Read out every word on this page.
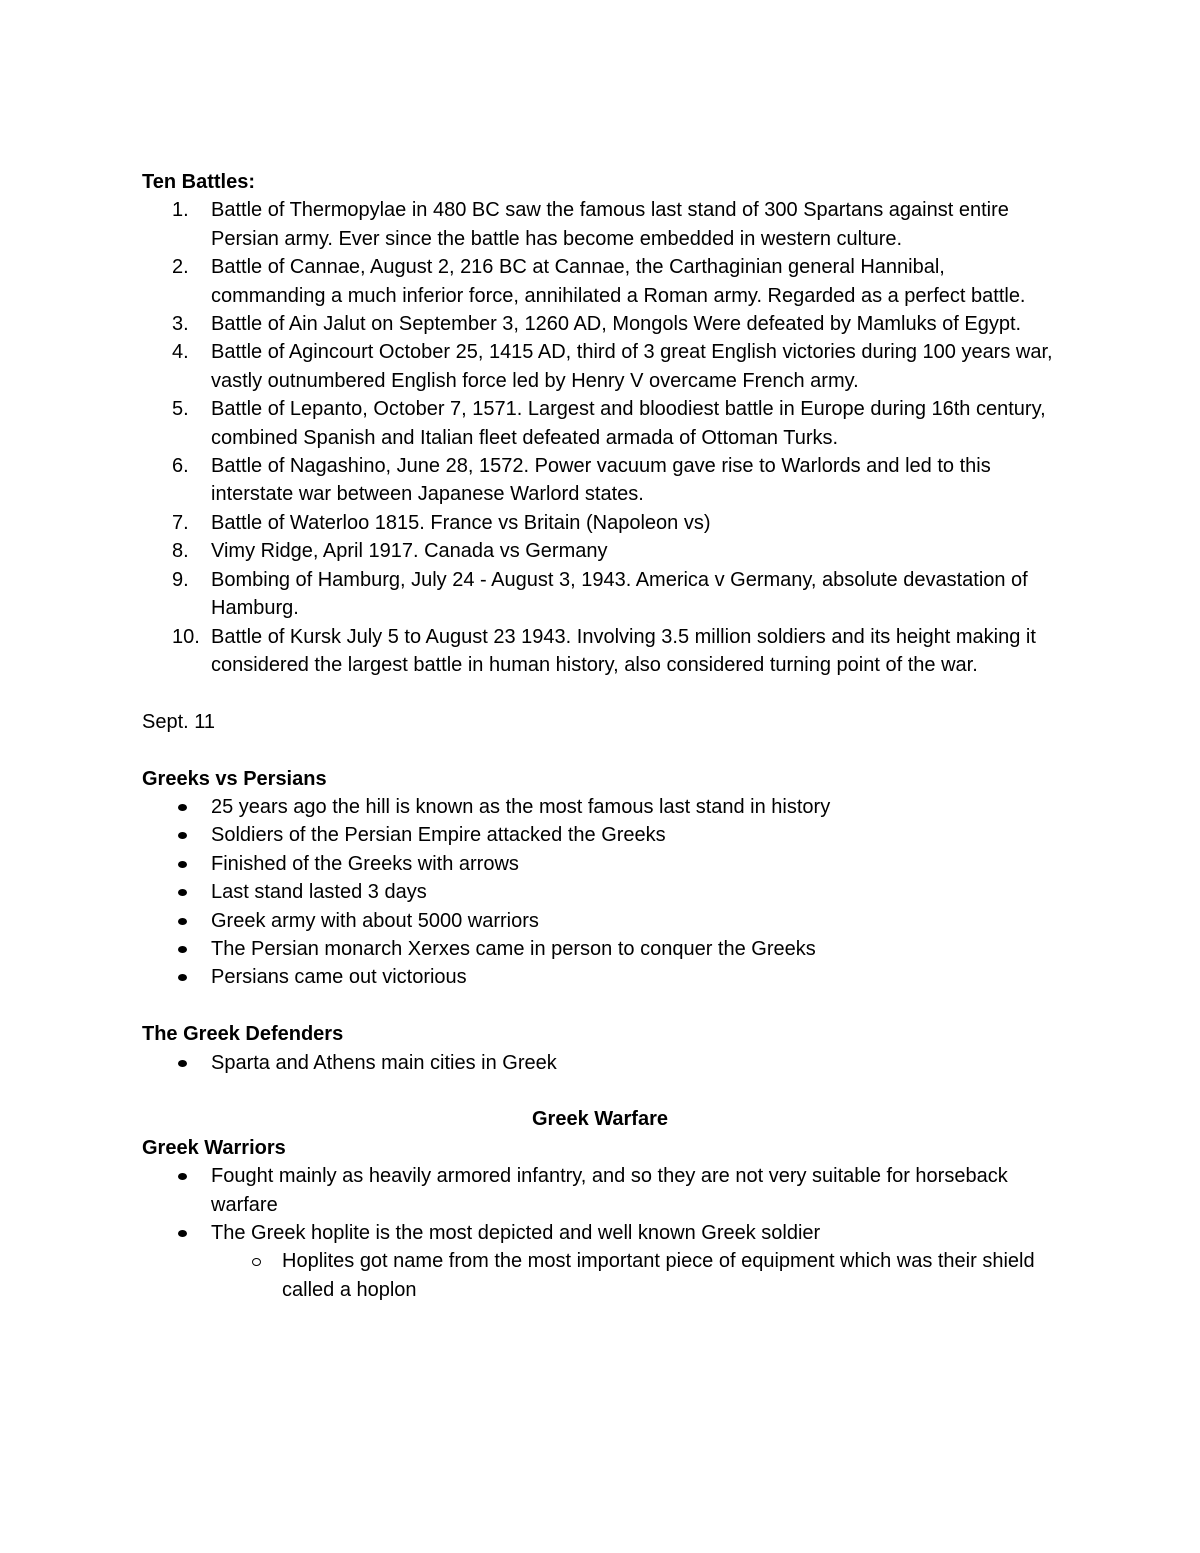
Ten Battles:

1.	Battle of Thermopylae in 480 BC saw the famous last stand of 300 Spartans against entire Persian army. Ever since the battle has become embedded in western culture.
2.	Battle of Cannae, August 2, 216 BC at Cannae, the Carthaginian general Hannibal, commanding a much inferior force, annihilated a Roman army. Regarded as a perfect battle.
3.	Battle of Ain Jalut on September 3, 1260 AD, Mongols Were defeated by Mamluks of Egypt.
4.	Battle of Agincourt October 25, 1415 AD, third of 3 great English victories during 100 years war, vastly outnumbered English force led by Henry V overcame French army.
5.	Battle of Lepanto, October 7, 1571. Largest and bloodiest battle in Europe during 16th century, combined Spanish and Italian fleet defeated armada of Ottoman Turks.
6.	Battle of Nagashino, June 28, 1572. Power vacuum gave rise to Warlords and led to this interstate war between Japanese Warlord states.
7.	Battle of Waterloo 1815. France vs Britain (Napoleon vs)
8.	Vimy Ridge, April 1917. Canada vs Germany
9.	Bombing of Hamburg, July 24 - August 3, 1943. America v Germany, absolute devastation of Hamburg.
10. Battle of Kursk July 5 to August 23 1943. Involving 3.5 million soldiers and its height making it considered the largest battle in human history, also considered turning point of the war.

Sept. 11

Greeks vs Persians

25 years ago the hill is known as the most famous last stand in history
Soldiers of the Persian Empire attacked the Greeks
Finished of the Greeks with arrows
Last stand lasted 3 days
Greek army with about 5000 warriors
The Persian monarch Xerxes came in person to conquer the Greeks
Persians came out victorious

The Greek Defenders

Sparta and Athens main cities in Greek

Greek Warfare

Greek Warriors

Fought mainly as heavily armored infantry, and so they are not very suitable for horseback warfare
The Greek hoplite is the most depicted and well known Greek soldier
Hoplites got name from the most important piece of equipment which was their shield called a hoplon
